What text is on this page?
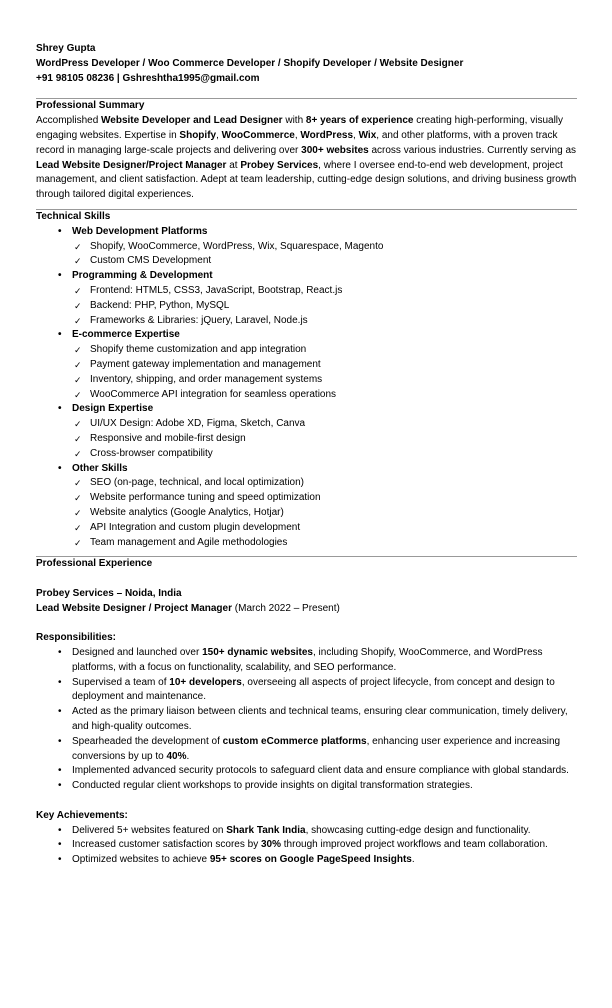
Shrey Gupta
WordPress Developer / Woo Commerce Developer / Shopify Developer / Website Designer
+91 98105 08236 | Gshreshtha1995@gmail.com
Professional Summary

Accomplished Website Developer and Lead Designer with 8+ years of experience creating high-performing, visually engaging websites. Expertise in Shopify, WooCommerce, WordPress, Wix, and other platforms, with a proven track record in managing large-scale projects and delivering over 300+ websites across various industries. Currently serving as Lead Website Designer/Project Manager at Probey Services, where I oversee end-to-end web development, project management, and client satisfaction. Adept at team leadership, cutting-edge design solutions, and driving business growth through tailored digital experiences.

Technical Skills
• Web Development Platforms
✓ Shopify, WooCommerce, WordPress, Wix, Squarespace, Magento
✓ Custom CMS Development
• Programming & Development
✓ Frontend: HTML5, CSS3, JavaScript, Bootstrap, React.js
✓ Backend: PHP, Python, MySQL
✓ Frameworks & Libraries: jQuery, Laravel, Node.js
• E-commerce Expertise
✓ Shopify theme customization and app integration
✓ Payment gateway implementation and management
✓ Inventory, shipping, and order management systems
✓ WooCommerce API integration for seamless operations
• Design Expertise
✓ UI/UX Design: Adobe XD, Figma, Sketch, Canva
✓ Responsive and mobile-first design
✓ Cross-browser compatibility
• Other Skills
✓ SEO (on-page, technical, and local optimization)
✓ Website performance tuning and speed optimization
✓ Website analytics (Google Analytics, Hotjar)
✓ API Integration and custom plugin development
✓ Team management and Agile methodologies
Professional Experience
Probey Services – Noida, India
Lead Website Designer / Project Manager (March 2022 – Present)
Responsibilities:
• Designed and launched over 150+ dynamic websites, including Shopify, WooCommerce, and WordPress platforms, with a focus on functionality, scalability, and SEO performance.
• Supervised a team of 10+ developers, overseeing all aspects of project lifecycle, from concept and design to deployment and maintenance.
• Acted as the primary liaison between clients and technical teams, ensuring clear communication, timely delivery, and high-quality outcomes.
• Spearheaded the development of custom eCommerce platforms, enhancing user experience and increasing conversions by up to 40%.
• Implemented advanced security protocols to safeguard client data and ensure compliance with global standards.
• Conducted regular client workshops to provide insights on digital transformation strategies.
Key Achievements:
• Delivered 5+ websites featured on Shark Tank India, showcasing cutting-edge design and functionality.
• Increased customer satisfaction scores by 30% through improved project workflows and team collaboration.
• Optimized websites to achieve 95+ scores on Google PageSpeed Insights.
